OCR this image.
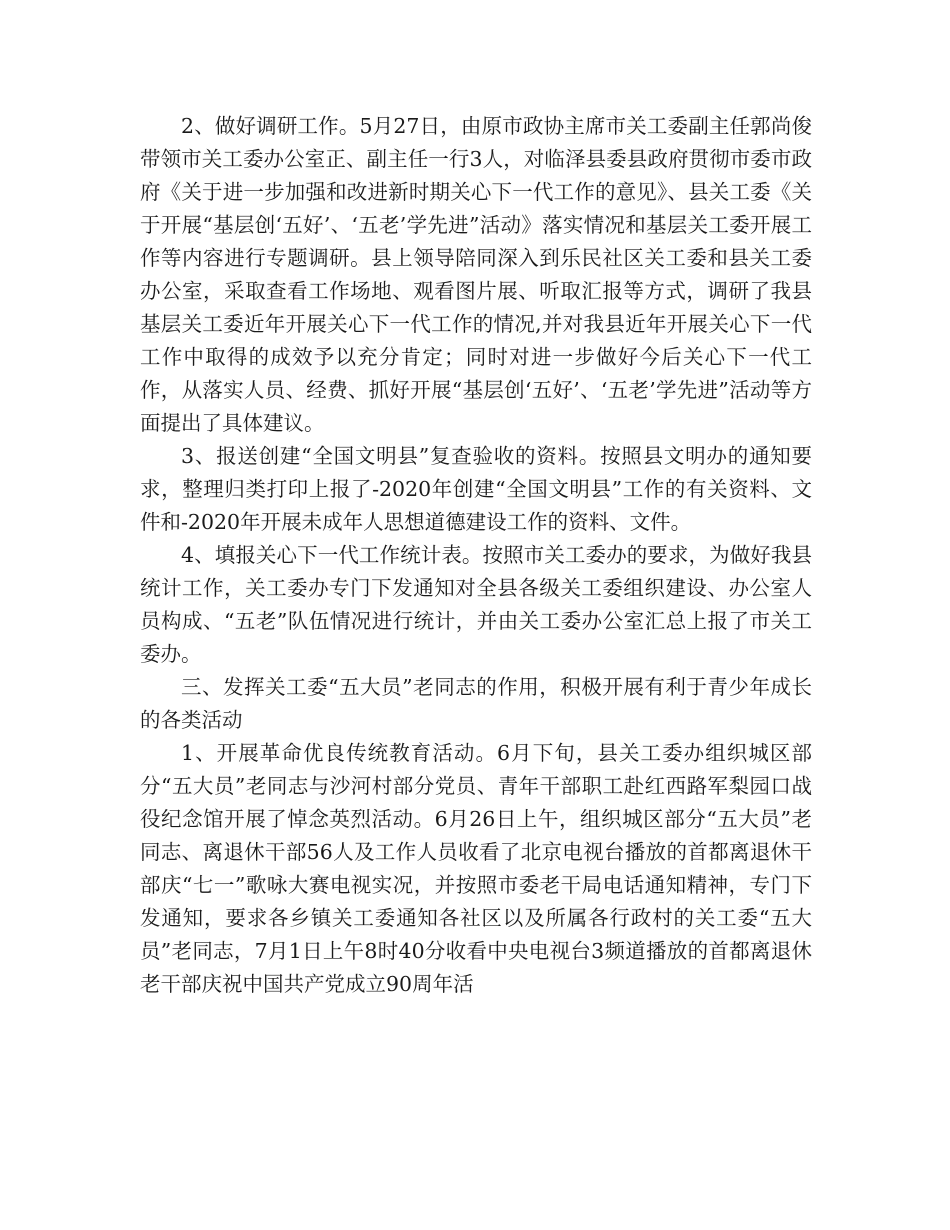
2、做好调研工作。5月27日，由原市政协主席市关工委副主任郭尚俊带领市关工委办公室正、副主任一行3人，对临泽县委县政府贯彻市委市政府《关于进一步加强和改进新时期关心下一代工作的意见》、县关工委《关于开展“基层创‘五好’、‘五老’学先进”活动》落实情况和基层关工委开展工作等内容进行专题调研。县上领导陪同深入到乐民社区关工委和县关工委办公室，采取查看工作场地、观看图片展、听取汇报等方式，调研了我县基层关工委近年开展关心下一代工作的情况,并对我县近年开展关心下一代工作中取得的成效予以充分肯定；同时对进一步做好今后关心下一代工作，从落实人员、经费、抓好开展“基层创‘五好’、‘五老’学先进”活动等方面提出了具体建议。

3、报送创建“全国文明县”复查验收的资料。按照县文明办的通知要求，整理归类打印上报了-2020年创建“全国文明县”工作的有关资料、文件和-2020年开展未成年人思想道德建设工作的资料、文件。

4、填报关心下一代工作统计表。按照市关工委办的要求，为做好我县统计工作，关工委办专门下发通知对全县各级关工委组织建设、办公室人员构成、“五老”队伍情况进行统计，并由关工委办公室汇总上报了市关工委办。

三、发挥关工委“五大员”老同志的作用，积极开展有利于青少年成长的各类活动

1、开展革命优良传统教育活动。6月下旬，县关工委办组织城区部分“五大员”老同志与沙河村部分党员、青年干部职工赴红西路军梨园口战役纪念馆开展了悼念英烈活动。6月26日上午，组织城区部分“五大员”老同志、离退休干部56人及工作人员收看了北京电视台播放的首都离退休干部庆“七一”歌咏大赛电视实况，并按照市委老干局电话通知精神，专门下发通知，要求各乡镇关工委通知各社区以及所属各行政村的关工委“五大员”老同志，7月1日上午8时40分收看中央电视台3频道播放的首都离退休老干部庆祝中国共产党成立90周年活
